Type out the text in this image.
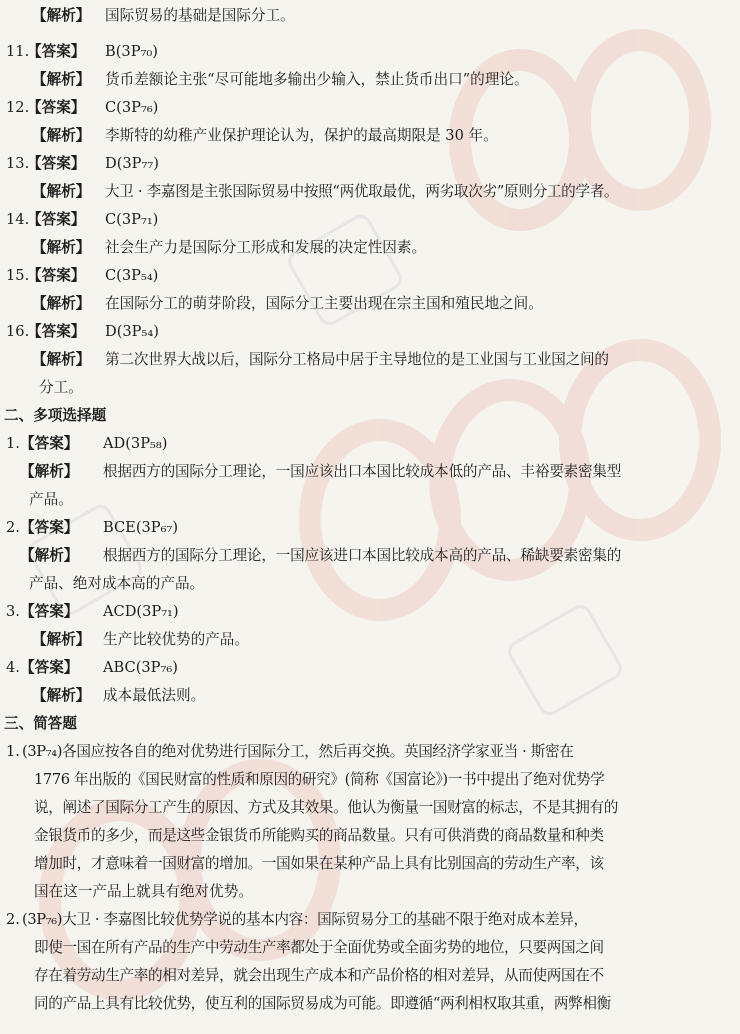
【解析】 国际贸易的基础是国际分工。
11.
【答案】 B(3P₇₀)
【解析】 货币差额论主张“尽可能地多输出少输入，禁止货币出口”的理论。
12.
【答案】 C(3P₇₆)
【解析】 李斯特的幼稚产业保护理论认为，保护的最高期限是 30 年。
13.
【答案】 D(3P₇₇)
【解析】 大卫 · 李嘉图是主张国际贸易中按照“两优取最优，两劣取次劣”原则分工的学者。
14.
【答案】 C(3P₇₁)
【解析】 社会生产力是国际分工形成和发展的决定性因素。
15.
【答案】 C(3P₅₄)
【解析】 在国际分工的萌芽阶段，国际分工主要出现在宗主国和殖民地之间。
16.
【答案】 D(3P₅₄)
【解析】 第二次世界大战以后，国际分工格局中居于主导地位的是工业国与工业国之间的
分工。
二、多项选择题
1. 【答案】 AD(3P₅₈)
【解析】 根据西方的国际分工理论，一国应该出口本国比较成本低的产品、丰裕要素密集型
产品。
2. 【答案】 BCE(3P₆₇)
【解析】 根据西方的国际分工理论，一国应该进口本国比较成本高的产品、稀缺要素密集的
产品、绝对成本高的产品。
3. 【答案】 ACD(3P₇₁)
【解析】 生产比较优势的产品。
4. 【答案】 ABC(3P₇₆)
【解析】 成本最低法则。
三、简答题
1. (3P₇₄)各国应按各自的绝对优势进行国际分工，然后再交换。英国经济学家亚当 · 斯密在
1776 年出版的《国民财富的性质和原因的研究》(简称《国富论》)一书中提出了绝对优势学
说，阐述了国际分工产生的原因、方式及其效果。他认为衡量一国财富的标志，不是其拥有的
金银货币的多少，而是这些金银货币所能购买的商品数量。只有可供消费的商品数量和种类
增加时，才意味着一国财富的增加。一国如果在某种产品上具有比别国高的劳动生产率，该
国在这一产品上就具有绝对优势。
2. (3P₇₆)大卫 · 李嘉图比较优势学说的基本内容：国际贸易分工的基础不限于绝对成本差异，
即使一国在所有产品的生产中劳动生产率都处于全面优势或全面劣势的地位，只要两国之间
存在着劳动生产率的相对差异，就会出现生产成本和产品价格的相对差异，从而使两国在不
同的产品上具有比较优势，使互利的国际贸易成为可能。即遵循“两利相权取其重，两弊相衡
